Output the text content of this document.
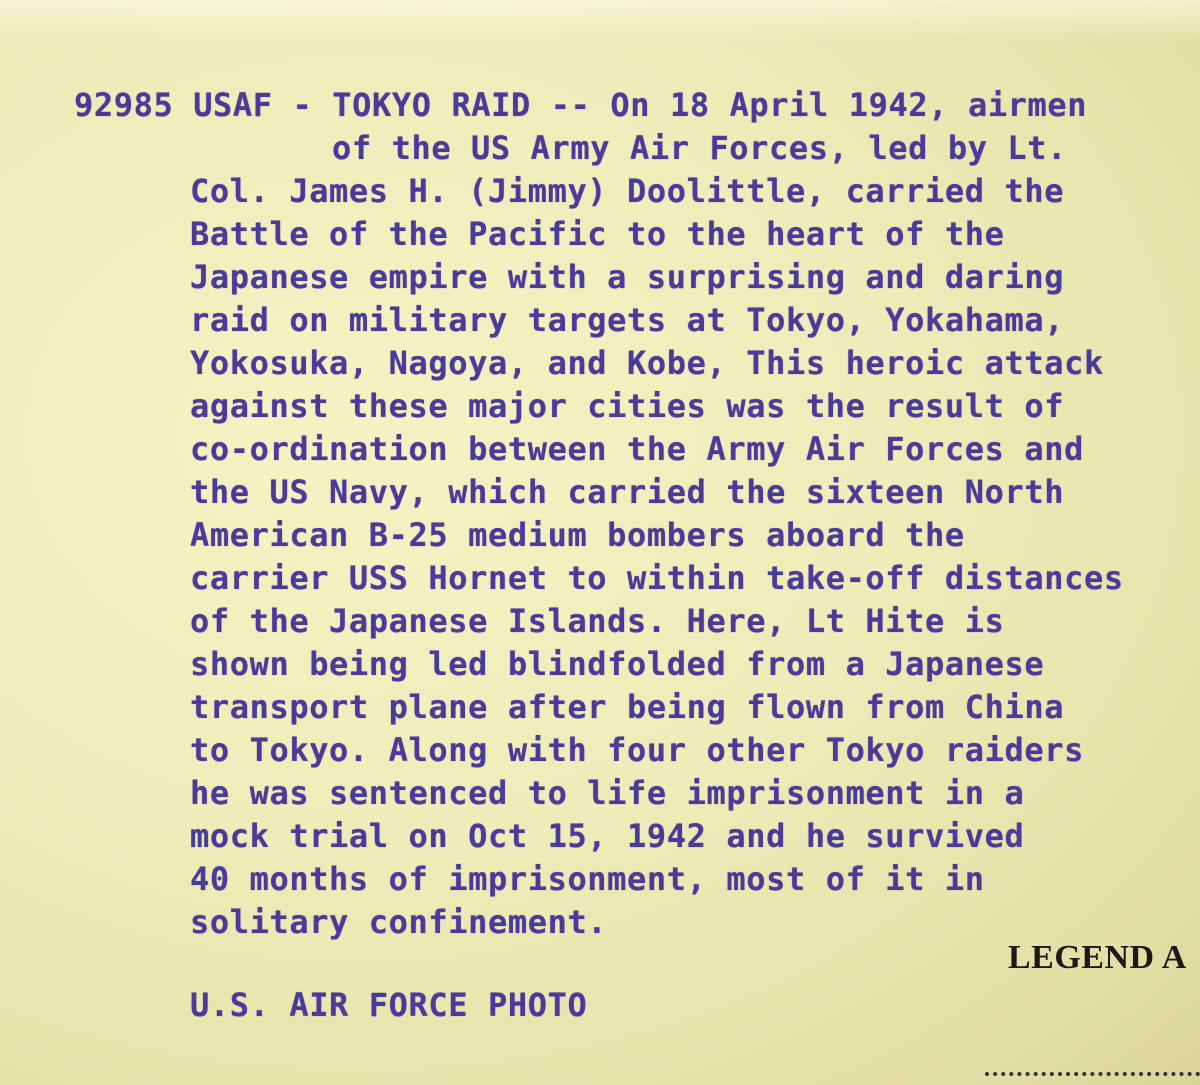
92985 USAF - TOKYO RAID -- On 18 April 1942, airmen
of the US Army Air Forces, led by Lt.
Col. James H. (Jimmy) Doolittle, carried the
Battle of the Pacific to the heart of the
Japanese empire with a surprising and daring
raid on military targets at Tokyo, Yokahama,
Yokosuka, Nagoya, and Kobe, This heroic attack
against these major cities was the result of
co-ordination between the Army Air Forces and
the US Navy, which carried the sixteen North
American B-25 medium bombers aboard the
carrier USS Hornet to within take-off distances
of the Japanese Islands. Here, Lt Hite is
shown being led blindfolded from a Japanese
transport plane after being flown from China
to Tokyo. Along with four other Tokyo raiders
he was sentenced to life imprisonment in a
mock trial on Oct 15, 1942 and he survived
40 months of imprisonment, most of it in
solitary confinement.
LEGEND A
U.S. AIR FORCE PHOTO
